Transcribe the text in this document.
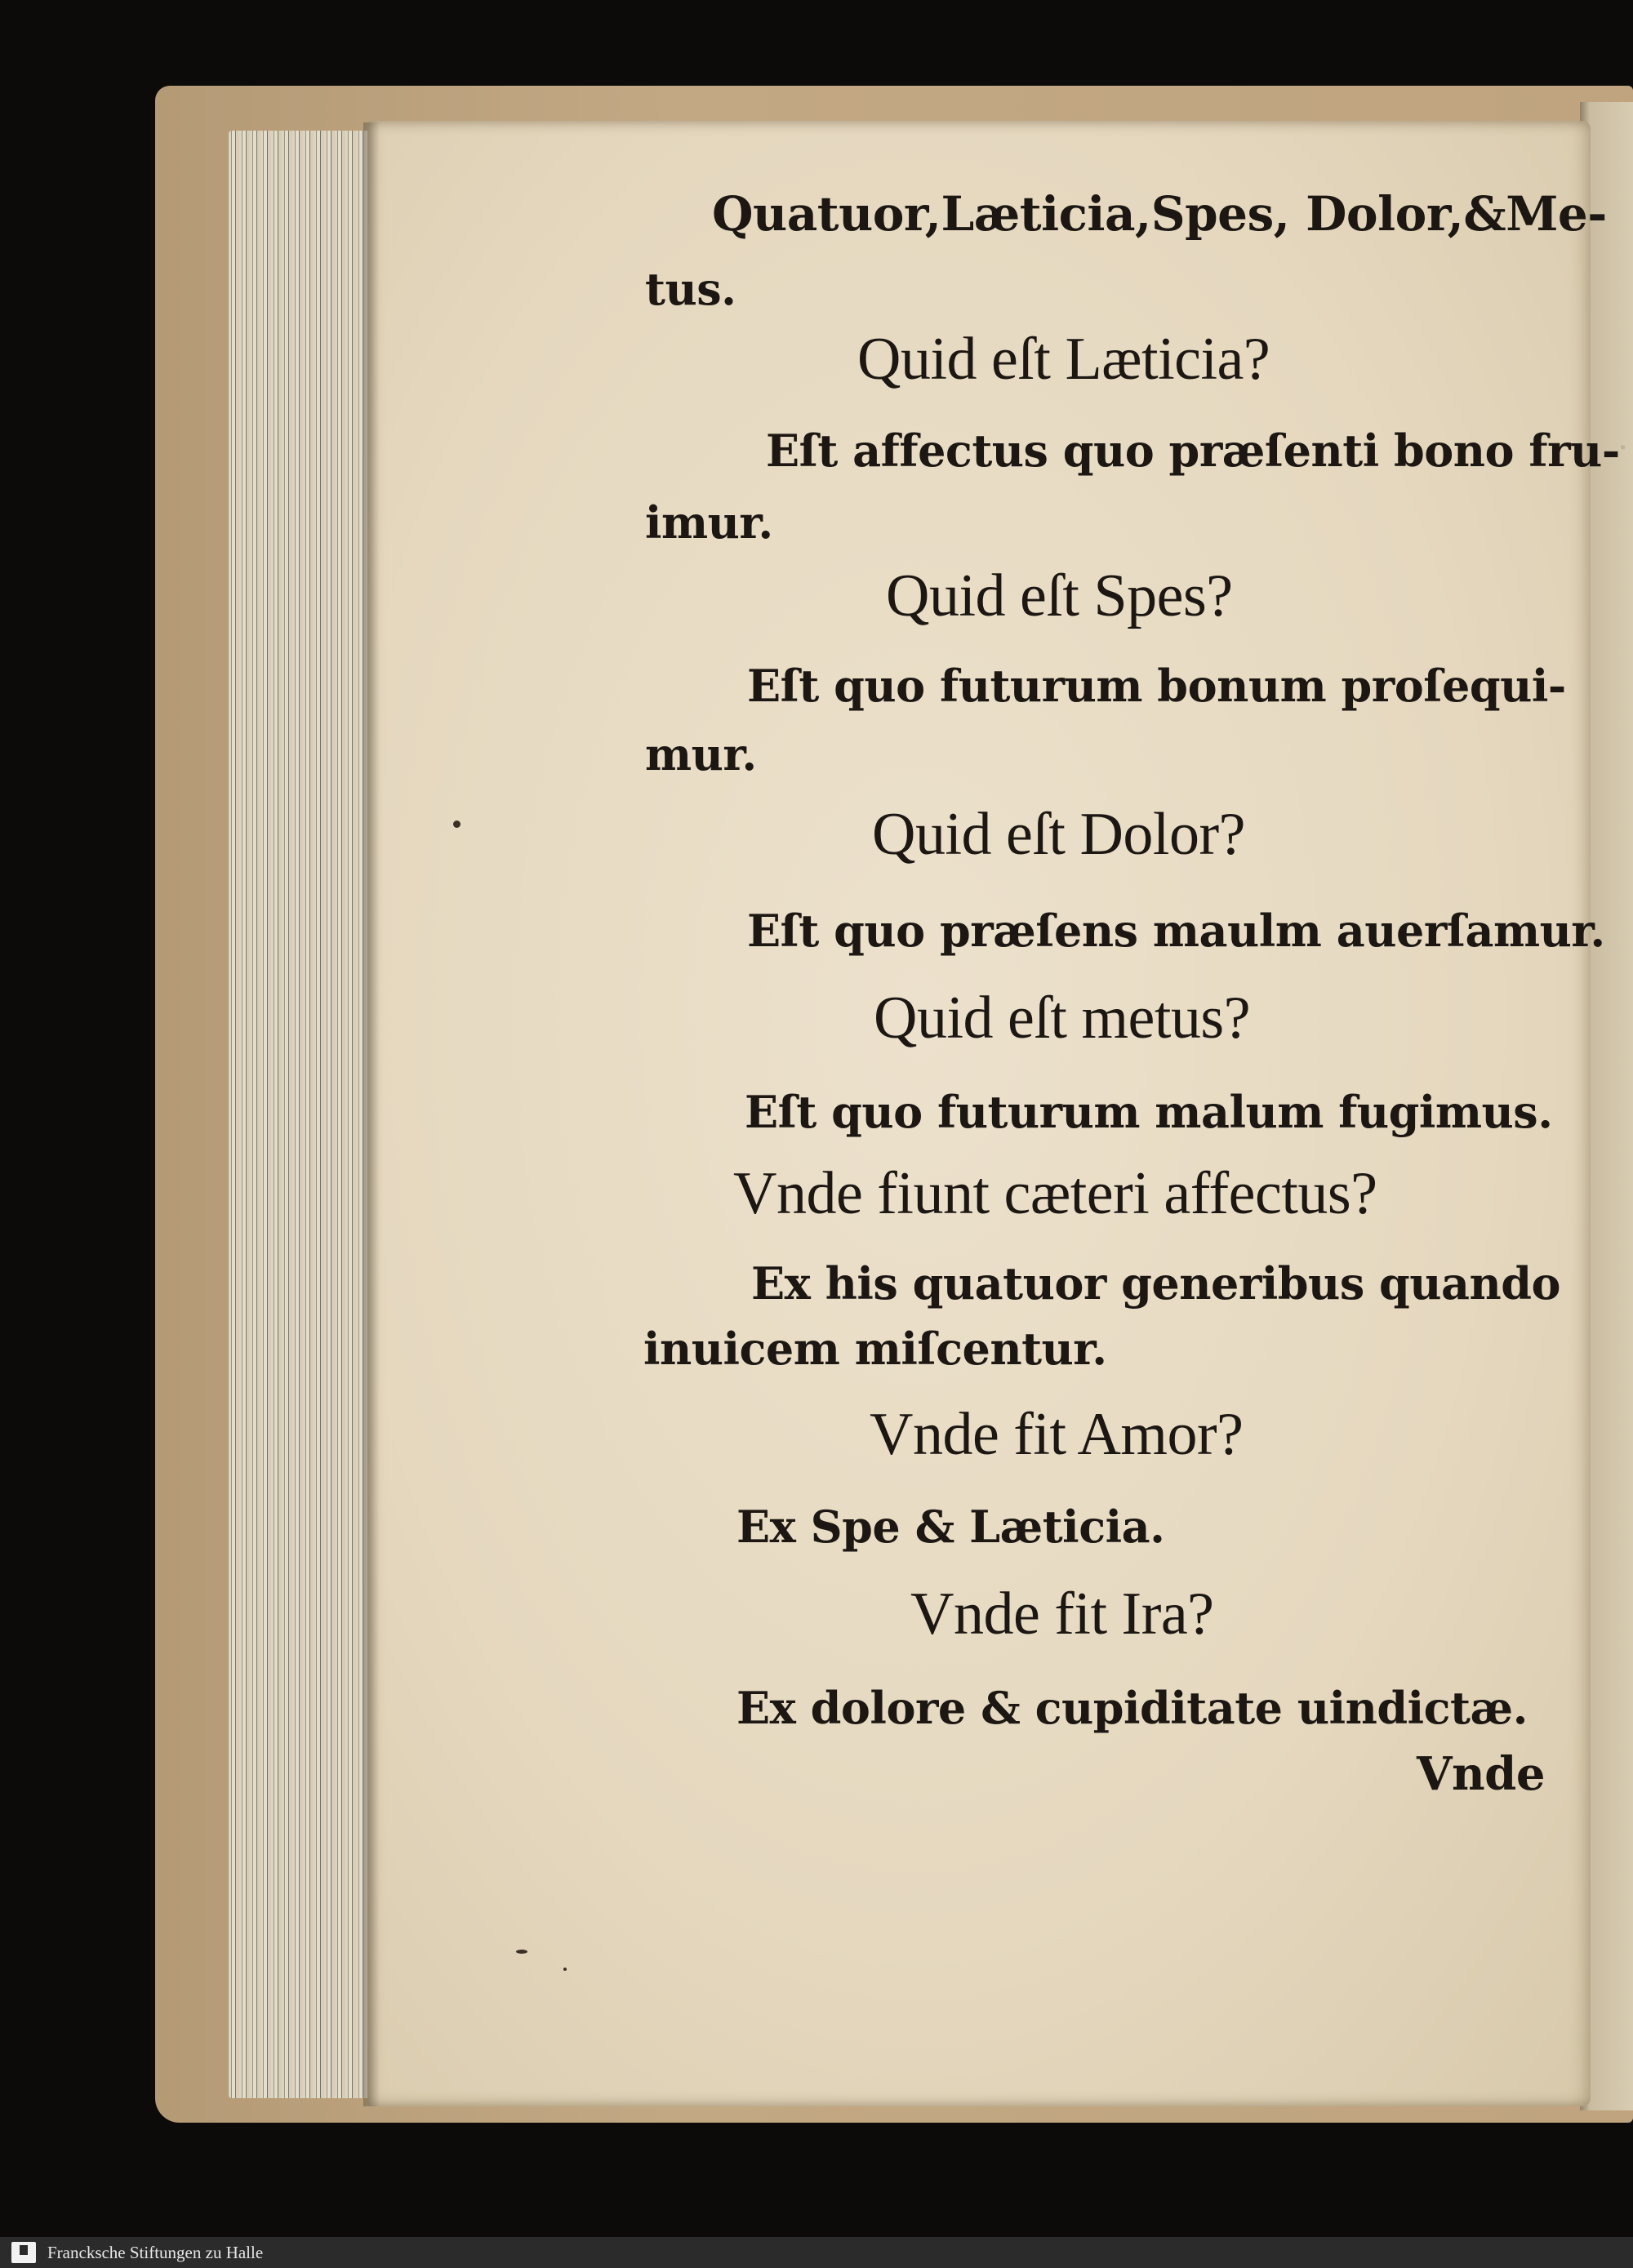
·
Quatuor,Læticia,Spes, Dolor,&Me-
tus.
Quid eſt Læticia?
Eſt affectus quo præſenti bono fru-
imur.
Quid eſt Spes?
Eſt quo futurum bonum proſequi-
mur.
Quid eſt Dolor?
Eſt quo præſens maulm auerſamur.
Quid eſt metus?
Eſt quo futurum malum fugimus.
Vnde fiunt cæteri affectus?
Ex his quatuor generibus quando
inuicem miſcentur.
Vnde fit Amor?
Ex Spe & Læticia.
Vnde fit Ira?
Ex dolore & cupiditate uindictæ.
Vnde
Francksche Stiftungen zu Halle
